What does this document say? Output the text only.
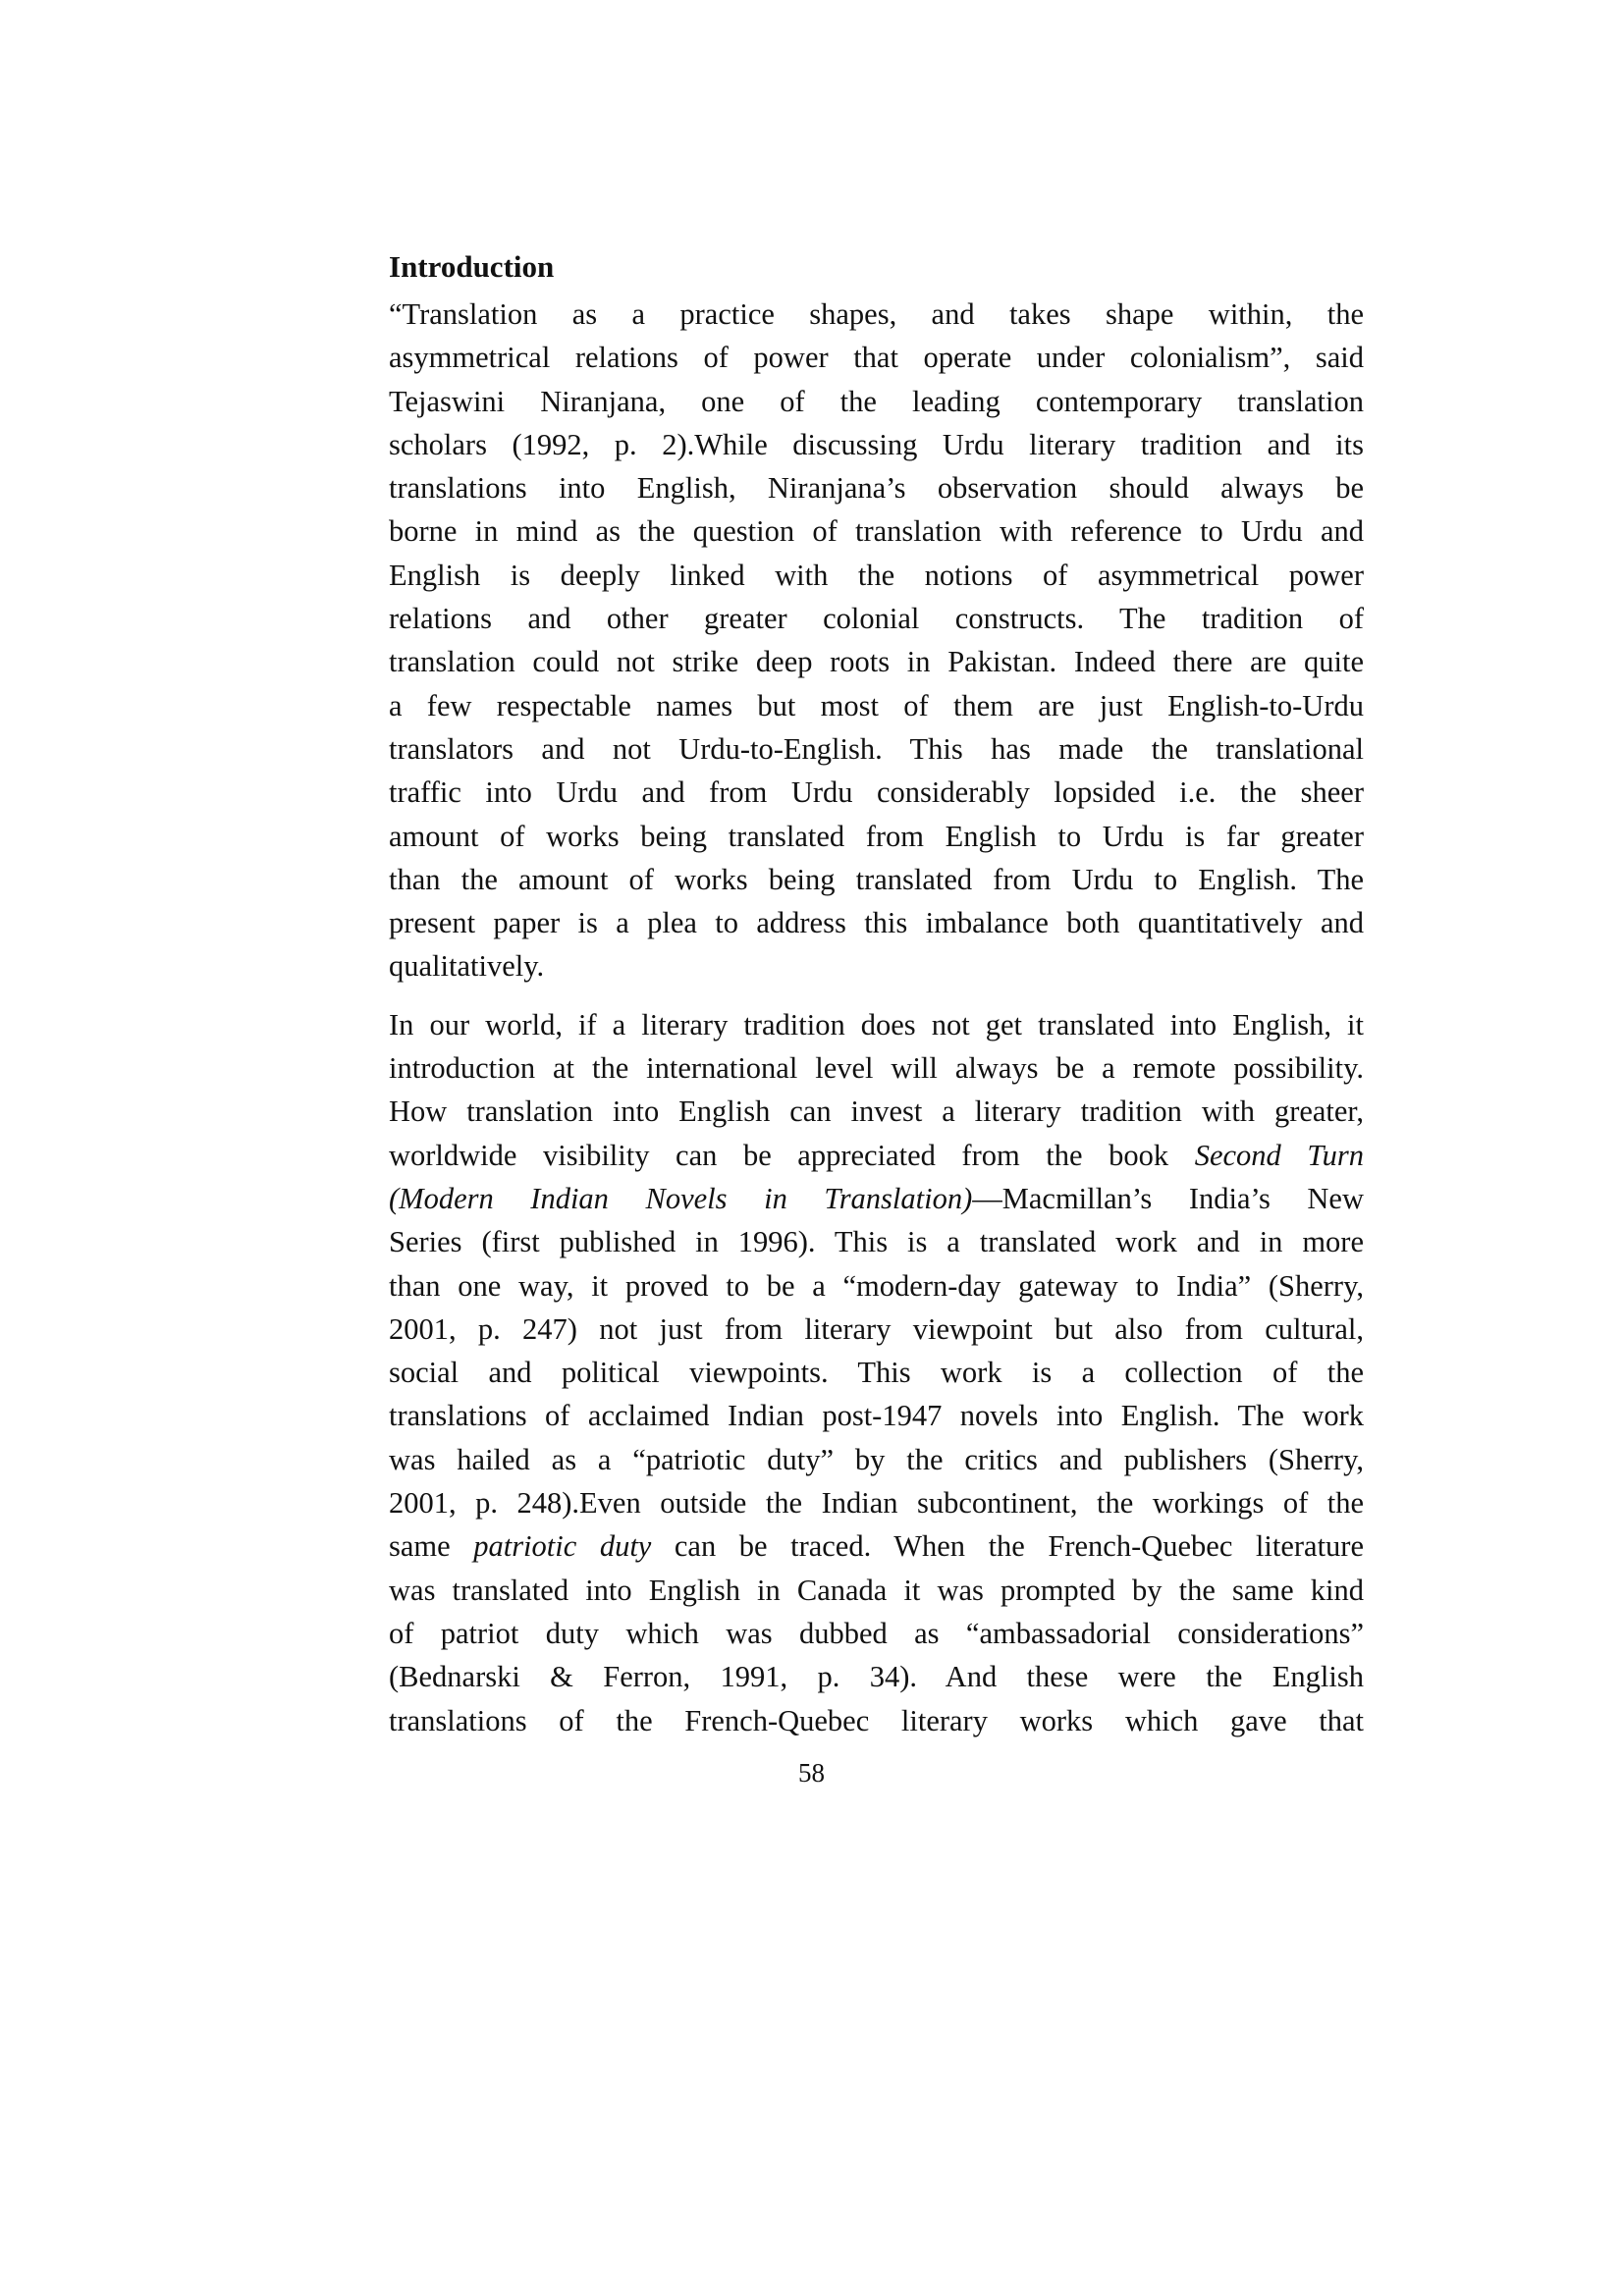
Introduction
“Translation as a practice shapes, and takes shape within, the
asymmetrical relations of power that operate under colonialism”, said
Tejaswini Niranjana, one of the leading contemporary translation
scholars (1992, p. 2).While discussing Urdu literary tradition and its
translations into English, Niranjana’s observation should always be
borne in mind as the question of translation with reference to Urdu and
English is deeply linked with the notions of asymmetrical power
relations and other greater colonial constructs. The tradition of
translation could not strike deep roots in Pakistan. Indeed there are quite
a few respectable names but most of them are just English-to-Urdu
translators and not Urdu-to-English. This has made the translational
traffic into Urdu and from Urdu considerably lopsided i.e. the sheer
amount of works being translated from English to Urdu is far greater
than the amount of works being translated from Urdu to English. The
present paper is a plea to address this imbalance both quantitatively and
qualitatively.
In our world, if a literary tradition does not get translated into English, it
introduction at the international level will always be a remote possibility.
How translation into English can invest a literary tradition with greater,
worldwide visibility can be appreciated from the book Second Turn
(Modern Indian Novels in Translation)—Macmillan’s India’s New
Series (first published in 1996). This is a translated work and in more
than one way, it proved to be a “modern-day gateway to India” (Sherry,
2001, p. 247) not just from literary viewpoint but also from cultural,
social and political viewpoints. This work is a collection of the
translations of acclaimed Indian post-1947 novels into English. The work
was hailed as a “patriotic duty” by the critics and publishers (Sherry,
2001, p. 248).Even outside the Indian subcontinent, the workings of the
same patriotic duty can be traced. When the French-Quebec literature
was translated into English in Canada it was prompted by the same kind
of patriot duty which was dubbed as “ambassadorial considerations”
(Bednarski & Ferron, 1991, p. 34). And these were the English
translations of the French-Quebec literary works which gave that
58
